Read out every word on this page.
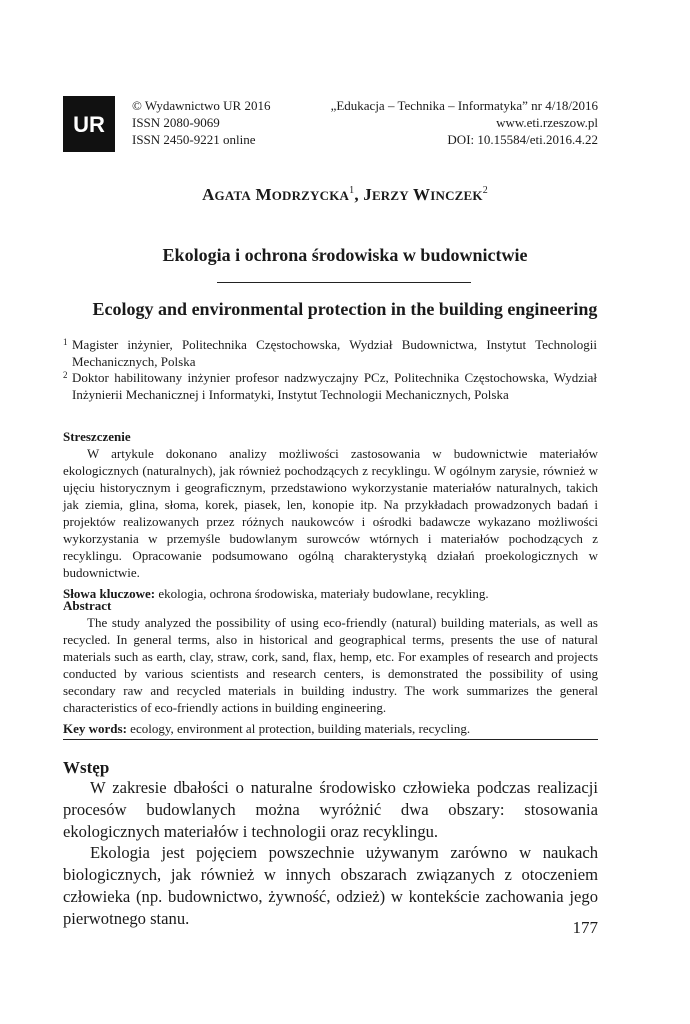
UR
© Wydawnictwo UR 2016
ISSN 2080-9069
ISSN 2450-9221 online
„Edukacja – Technika – Informatyka” nr 4/18/2016
www.eti.rzeszow.pl
DOI: 10.15584/eti.2016.4.22
AGATA MODRZYCKA$^1$, JERZY WINCZEK$^2$
Ekologia i ochrona środowiska w budownictwie
Ecology and environmental protection in the building engineering
1 Magister inżynier, Politechnika Częstochowska, Wydział Budownictwa, Instytut Technologii Mechanicznych, Polska
2 Doktor habilitowany inżynier profesor nadzwyczajny PCz, Politechnika Częstochowska, Wydział Inżynierii Mechanicznej i Informatyki, Instytut Technologii Mechanicznych, Polska
Streszczenie
W artykule dokonano analizy możliwości zastosowania w budownictwie materiałów ekologicznych (naturalnych), jak również pochodzących z recyklingu. W ogólnym zarysie, również w ujęciu historycznym i geograficznym, przedstawiono wykorzystanie materiałów naturalnych, takich jak ziemia, glina, słoma, korek, piasek, len, konopie itp. Na przykładach prowadzonych badań i projektów realizowanych przez różnych naukowców i ośrodki badawcze wykazano możliwości wykorzystania w przemyśle budowlanym surowców wtórnych i materiałów pochodzących z recyklingu. Opracowanie podsumowano ogólną charakterystyką działań proekologicznych w budownictwie.
Słowa kluczowe: ekologia, ochrona środowiska, materiały budowlane, recykling.
Abstract
The study analyzed the possibility of using eco-friendly (natural) building materials, as well as recycled. In general terms, also in historical and geographical terms, presents the use of natural materials such as earth, clay, straw, cork, sand, flax, hemp, etc. For examples of research and projects conducted by various scientists and research centers, is demonstrated the possibility of using secondary raw and recycled materials in building industry. The work summarizes the general characteristics of eco-friendly actions in building engineering.
Key words: ecology, environment al protection, building materials, recycling.
Wstęp

W zakresie dbałości o naturalne środowisko człowieka podczas realizacji procesów budowlanych można wyróżnić dwa obszary: stosowania ekologicznych materiałów i technologii oraz recyklingu.

Ekologia jest pojęciem powszechnie używanym zarówno w naukach biologicznych, jak również w innych obszarach związanych z otoczeniem człowieka (np. budownictwo, żywność, odzież) w kontekście zachowania jego pierwotnego stanu.	177
